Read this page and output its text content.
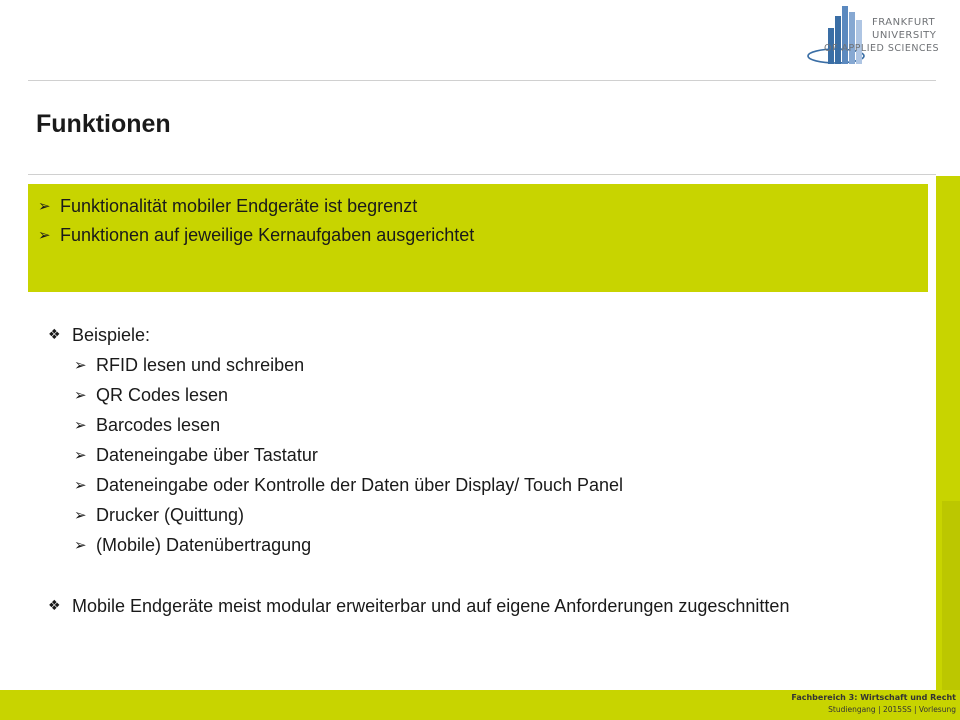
FRANKFURT
UNIVERSITY
OF APPLIED SCIENCES
Funktionen
➢ Funktionalität mobiler Endgeräte ist begrenzt
➢ Funktionen auf jeweilige Kernaufgaben ausgerichtet
❖ Beispiele:
➢ RFID lesen und schreiben
➢ QR Codes lesen
➢ Barcodes lesen
➢ Dateneingabe über Tastatur
➢ Dateneingabe oder Kontrolle der Daten über Display/ Touch Panel
➢ Drucker (Quittung)
➢ (Mobile) Datenübertragung
❖ Mobile Endgeräte meist modular erweiterbar und auf eigene Anforderungen zugeschnitten
Fachbereich 3: Wirtschaft und Recht
Studiengang | 2015SS | Vorlesung
